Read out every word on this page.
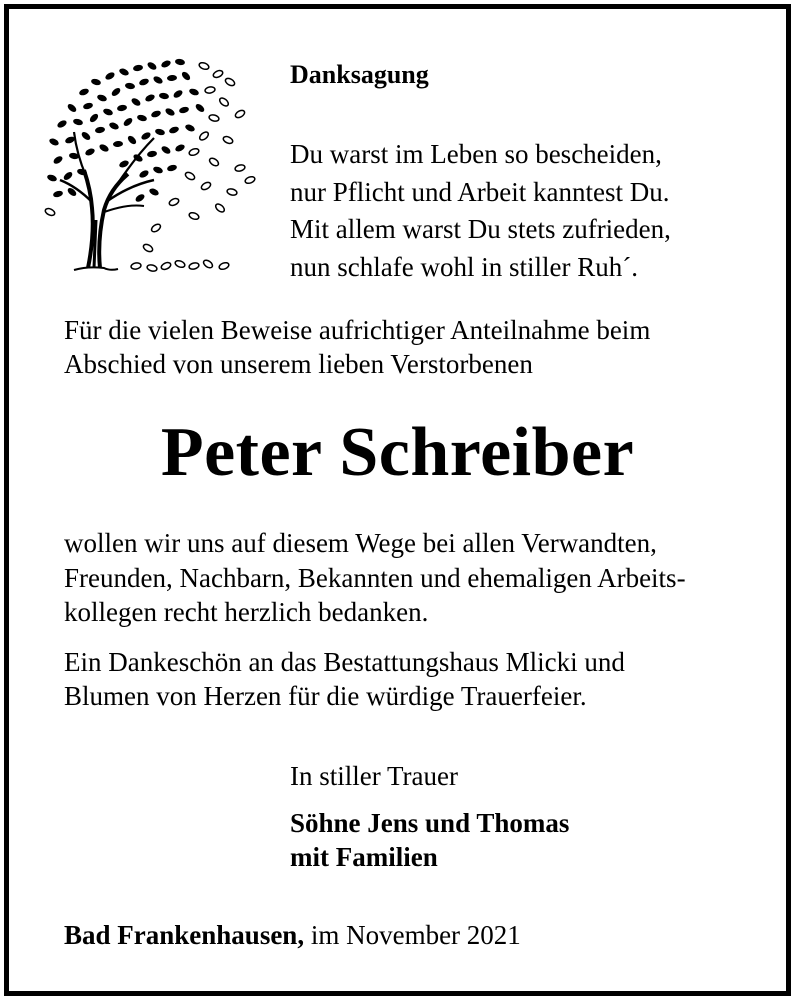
Danksagung
Du warst im Leben so bescheiden,
nur Pflicht und Arbeit kanntest Du.
Mit allem warst Du stets zufrieden,
nun schlafe wohl in stiller Ruh´.
Für die vielen Beweise aufrichtiger Anteilnahme beim
Abschied von unserem lieben Verstorbenen
Peter Schreiber
wollen wir uns auf diesem Wege bei allen Verwandten,
Freunden, Nachbarn, Bekannten und ehemaligen Arbeits-
kollegen recht herzlich bedanken.
Ein Dankeschön an das Bestattungshaus Mlicki und
Blumen von Herzen für die würdige Trauerfeier.
In stiller Trauer
Söhne Jens und Thomas
mit Familien
Bad Frankenhausen, im November 2021
